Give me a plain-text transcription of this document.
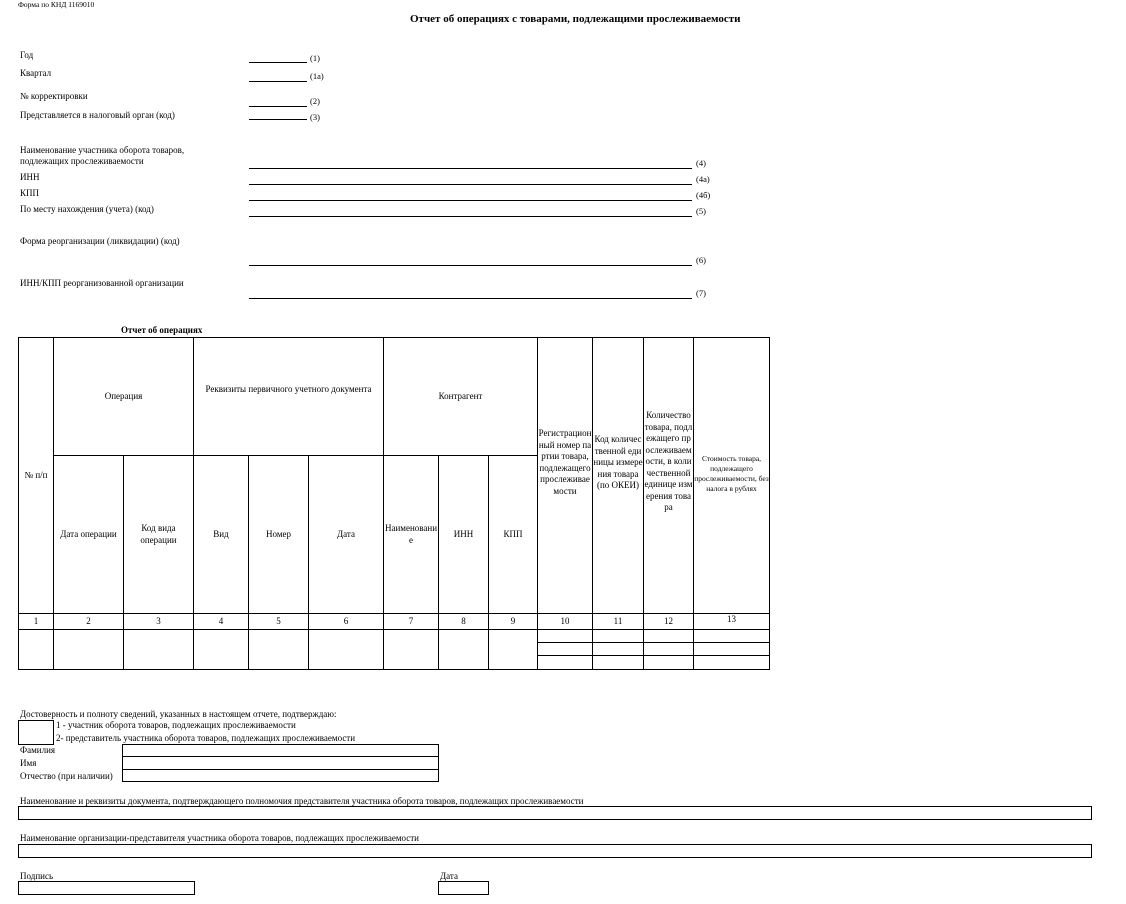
Форма по КНД 1169010
Отчет об операциях с товарами, подлежащими прослеживаемости
Год	(1)
Квартал	(1а)
№ корректировки	(2)
Представляется в налоговый орган (код)	(3)
Наименование участника оборота товаров,
подлежащих прослеживаемости	(4)
ИНН	(4а)
КПП	(4б)
По месту нахождения (учета) (код)	(5)
Форма реорганизации (ликвидации) (код)
(6)
ИНН/КПП реорганизованной организации
(7)
Отчет об операциях
№ п/п	Операция		Реквизиты первичного учетного документа			Контрагент			Регистрационный номер партии товара, подлежащего прослеживаемости	Код количественной единицы измерения товара (по ОКЕИ)	Количество товара, подлежащего прослеживаемости, в количественной единице измерения товара	Стоимость товара, подлежащего прослеживаемости, без налога в рублях
	Дата операции	Код вида операции	Вид	Номер	Дата	Наименование	ИНН	КПП				
1	2	3	4	5	6	7	8	9	10	11	12	13

Достоверность и полноту сведений, указанных в настоящем отчете, подтверждаю:
1 - участник оборота товаров, подлежащих прослеживаемости
2- представитель участника оборота товаров, подлежащих прослеживаемости
Фамилия
Имя
Отчество (при наличии)
Наименование и реквизиты документа, подтверждающего полномочия представителя участника оборота товаров, подлежащих прослеживаемости
Наименование организации-представителя участника оборота товаров, подлежащих прослеживаемости
Подпись	Дата
